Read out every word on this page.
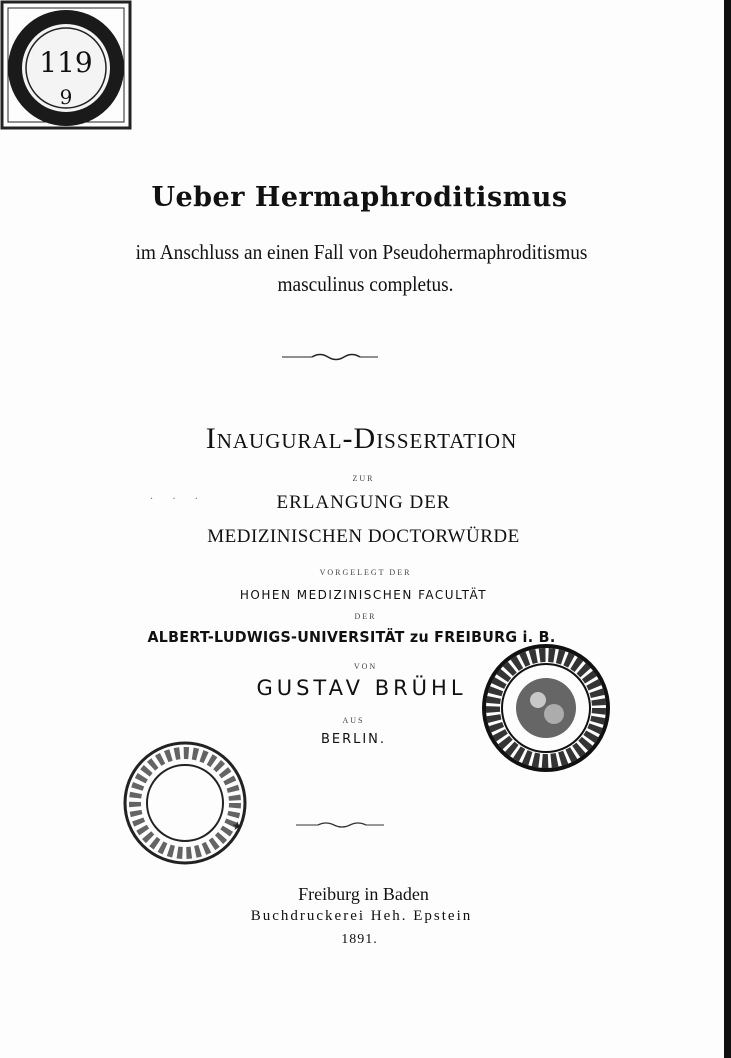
119
9
Ueber Hermaphroditismus
im Anschluss an einen Fall von Pseudohermaphroditismus
masculinus completus.
Inaugural-Dissertation
ZUR
· · ·	ERLANGUNG DER
MEDIZINISCHEN DOCTORWÜRDE
VORGELEGT DER
HOHEN MEDIZINISCHEN FACULTÄT
DER
ALBERT-LUDWIGS-UNIVERSITÄT zu FREIBURG i. B.
VON
GUSTAV BRÜHL
AUS
BERLIN.
★
Freiburg in Baden
Buchdruckerei Heh. Epstein
1891.
